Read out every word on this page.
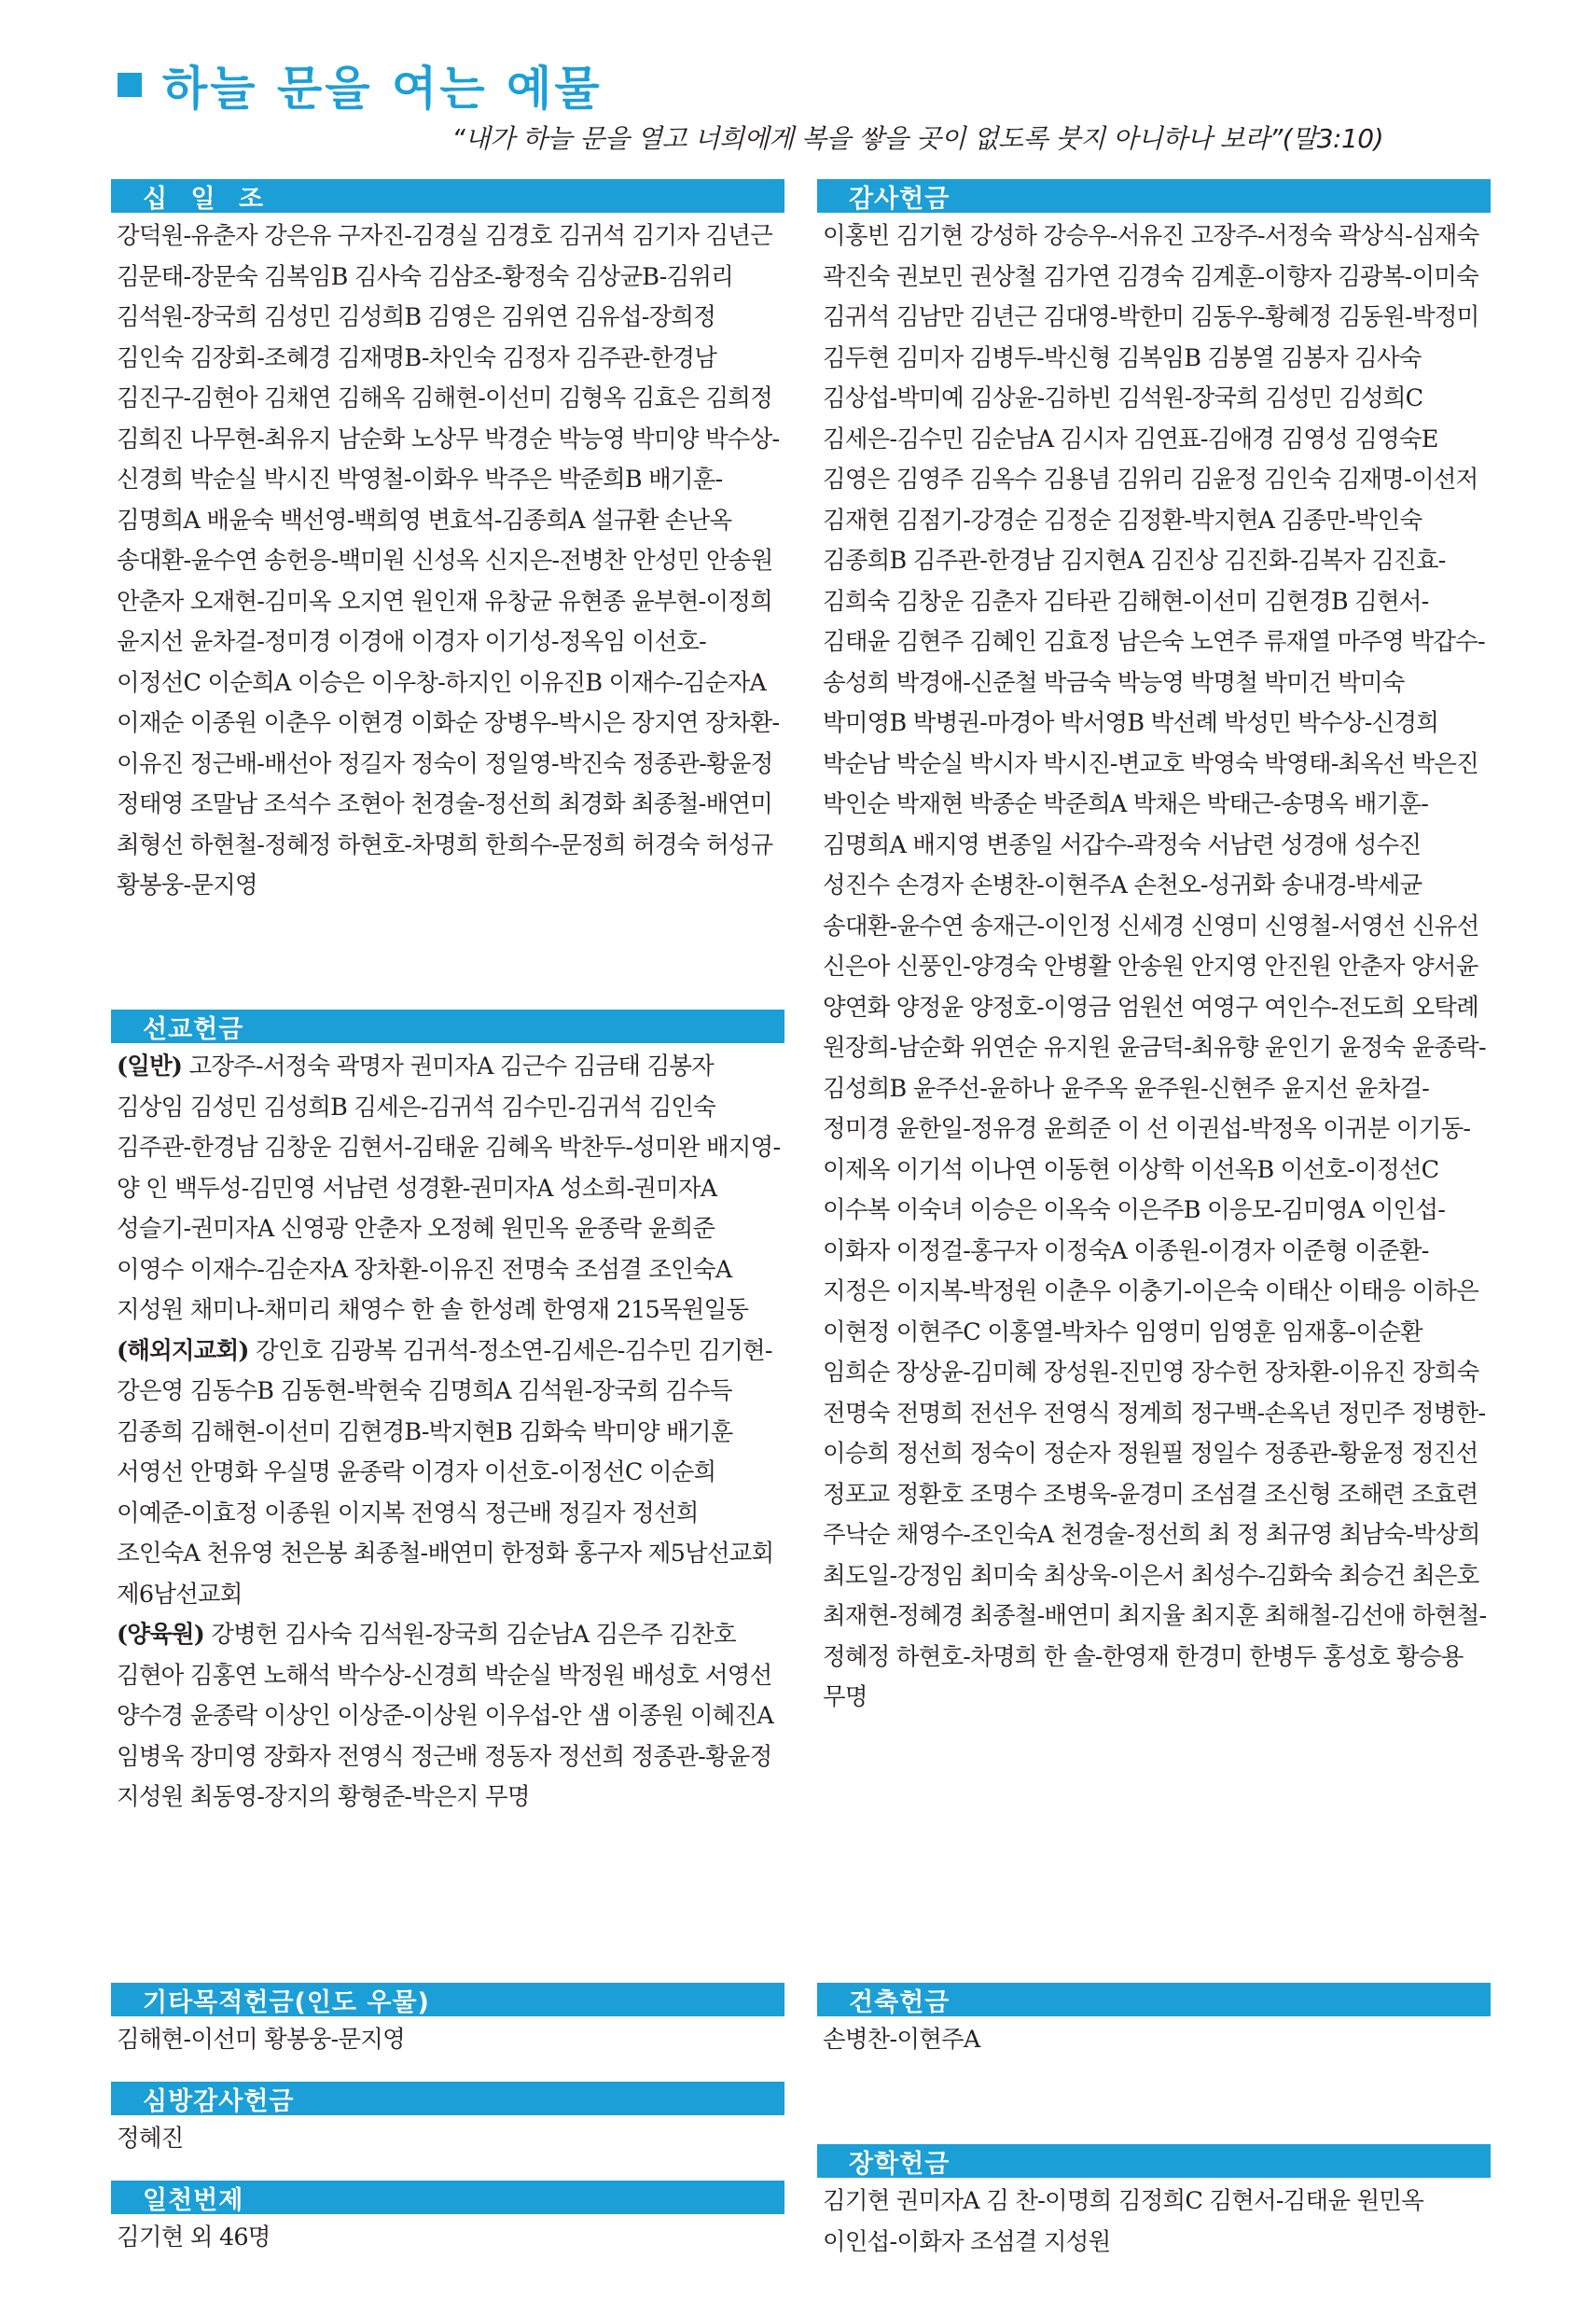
하늘 문을 여는 예물
“내가 하늘 문을 열고 너희에게 복을 쌓을 곳이 없도록 붓지 아니하나 보라”(말3:10)
십 일 조
강덕원-유춘자 강은유 구자진-김경실 김경호 김귀석 김기자 김년근 김문태-장문숙 김복임B 김사숙 김삼조-황정숙 김상균B-김위리 김석원-장국희 김성민 김성희B 김영은 김위연 김유섭-장희정 김인숙 김장회-조혜경 김재명B-차인숙 김정자 김주관-한경남 김진구-김현아 김채연 김해옥 김해현-이선미 김형옥 김효은 김희정 김희진 나무현-최유지 남순화 노상무 박경순 박능영 박미양 박수상-신경희 박순실 박시진 박영철-이화우 박주은 박준희B 배기훈-김명희A 배윤숙 백선영-백희영 변효석-김종희A 설규환 손난옥 송대환-윤수연 송헌응-백미원 신성옥 신지은-전병찬 안성민 안송원 안춘자 오재현-김미옥 오지연 원인재 유창균 유현종 윤부현-이정희 윤지선 윤차걸-정미경 이경애 이경자 이기성-정옥임 이선호-이정선C 이순희A 이승은 이우창-하지인 이유진B 이재수-김순자A 이재순 이종원 이춘우 이현경 이화순 장병우-박시은 장지연 장차환-이유진 정근배-배선아 정길자 정숙이 정일영-박진숙 정종관-황윤정 정태영 조말남 조석수 조현아 천경술-정선희 최경화 최종철-배연미 최형선 하현철-정혜정 하현호-차명희 한희수-문정희 허경숙 허성규 황봉웅-문지영
선교헌금
(일반) 고장주-서정숙 곽명자 권미자A 김근수 김금태 김봉자 김상임 김성민 김성희B 김세은-김귀석 김수민-김귀석 김인숙 김주관-한경남 김창운 김현서-김태윤 김혜옥 박찬두-성미완 배지영-양 인 백두성-김민영 서남련 성경환-권미자A 성소희-권미자A 성슬기-권미자A 신영광 안춘자 오정혜 원민옥 윤종락 윤희준 이영수 이재수-김순자A 장차환-이유진 전명숙 조섬결 조인숙A 지성원 채미나-채미리 채영수 한 솔 한성례 한영재 215목원일동
(해외지교회) 강인호 김광복 김귀석-정소연-김세은-김수민 김기현-강은영 김동수B 김동현-박현숙 김명희A 김석원-장국희 김수득 김종희 김해현-이선미 김현경B-박지현B 김화숙 박미양 배기훈 서영선 안명화 우실명 윤종락 이경자 이선호-이정선C 이순희 이예준-이효정 이종원 이지복 전영식 정근배 정길자 정선희 조인숙A 천유영 천은봉 최종철-배연미 한정화 홍구자 제5남선교회 제6남선교회
(양육원) 강병헌 김사숙 김석원-장국희 김순남A 김은주 김찬호 김현아 김홍연 노해석 박수상-신경희 박순실 박정원 배성호 서영선 양수경 윤종락 이상인 이상준-이상원 이우섭-안 샘 이종원 이혜진A 임병욱 장미영 장화자 전영식 정근배 정동자 정선희 정종관-황윤정 지성원 최동영-장지의 황형준-박은지 무명
기타목적헌금(인도 우물)
김해현-이선미 황봉웅-문지영
심방감사헌금
정혜진
일천번제
김기현 외 46명
감사헌금
이홍빈 김기현 강성하 강승우-서유진 고장주-서정숙 곽상식-심재숙 곽진숙 권보민 권상철 김가연 김경숙 김계훈-이향자 김광복-이미숙 김귀석 김남만 김년근 김대영-박한미 김동우-황혜정 김동원-박정미 김두현 김미자 김병두-박신형 김복임B 김봉열 김봉자 김사숙 김상섭-박미예 김상윤-김하빈 김석원-장국희 김성민 김성희C 김세은-김수민 김순남A 김시자 김연표-김애경 김영성 김영숙E 김영은 김영주 김옥수 김용념 김위리 김윤정 김인숙 김재명-이선저 김재현 김점기-강경순 김정순 김정환-박지현A 김종만-박인숙 김종희B 김주관-한경남 김지현A 김진상 김진화-김복자 김진효-김희숙 김창운 김춘자 김타관 김해현-이선미 김현경B 김현서-김태윤 김현주 김혜인 김효정 남은숙 노연주 류재열 마주영 박갑수-송성희 박경애-신준철 박금숙 박능영 박명철 박미건 박미숙 박미영B 박병권-마경아 박서영B 박선례 박성민 박수상-신경희 박순남 박순실 박시자 박시진-변교호 박영숙 박영태-최옥선 박은진 박인순 박재현 박종순 박준희A 박채은 박태근-송명옥 배기훈-김명희A 배지영 변종일 서갑수-곽정숙 서남련 성경애 성수진 성진수 손경자 손병찬-이현주A 손천오-성귀화 송내경-박세균 송대환-윤수연 송재근-이인정 신세경 신영미 신영철-서영선 신유선 신은아 신풍인-양경숙 안병활 안송원 안지영 안진원 안춘자 양서윤 양연화 양정윤 양정호-이영금 엄원선 여영구 여인수-전도희 오탁례 원장희-남순화 위연순 유지원 윤금덕-최유향 윤인기 윤정숙 윤종락-김성희B 윤주선-윤하나 윤주옥 윤주원-신현주 윤지선 윤차걸-정미경 윤한일-정유경 윤희준 이 선 이권섭-박정옥 이귀분 이기동-이제옥 이기석 이나연 이동현 이상학 이선옥B 이선호-이정선C 이수복 이숙녀 이승은 이옥숙 이은주B 이응모-김미영A 이인섭-이화자 이정걸-홍구자 이정숙A 이종원-이경자 이준형 이준환-지정은 이지복-박정원 이춘우 이충기-이은숙 이태산 이태응 이하은 이현정 이현주C 이홍열-박차수 임영미 임영훈 임재홍-이순환 임희순 장상윤-김미혜 장성원-진민영 장수헌 장차환-이유진 장희숙 전명숙 전명희 전선우 전영식 정계희 정구백-손옥년 정민주 정병한-이승희 정선희 정숙이 정순자 정원필 정일수 정종관-황윤정 정진선 정포교 정환호 조명수 조병욱-윤경미 조섬결 조신형 조해련 조효련 주낙순 채영수-조인숙A 천경술-정선희 최 정 최규영 최남숙-박상희 최도일-강정임 최미숙 최상욱-이은서 최성수-김화숙 최승건 최은호 최재현-정혜경 최종철-배연미 최지율 최지훈 최해철-김선애 하현철-정혜정 하현호-차명희 한 솔-한영재 한경미 한병두 홍성호 황승용 무명
건축헌금
손병찬-이현주A
장학헌금
김기현 권미자A 김 찬-이명희 김정희C 김현서-김태윤 원민옥 이인섭-이화자 조섬결 지성원
